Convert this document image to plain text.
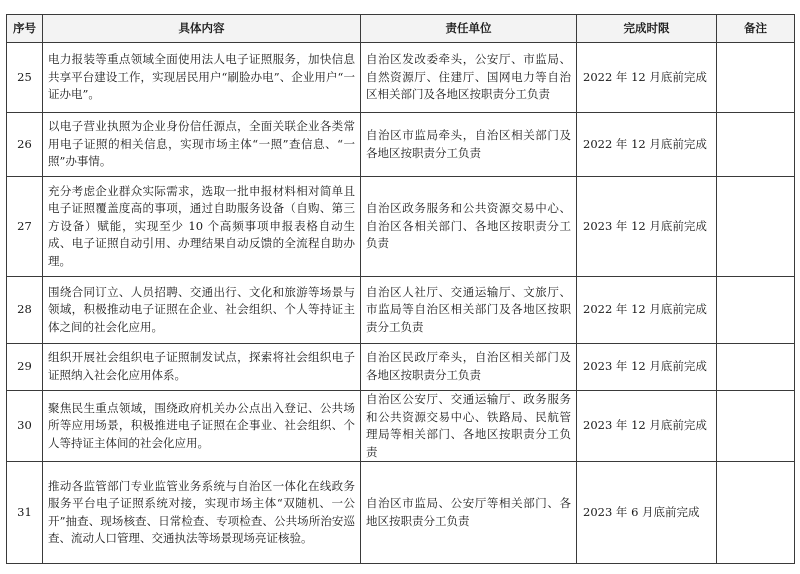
序号	具体内容	责任单位	完成时限	备注
25	电力报装等重点领域全面使用法人电子证照服务，加快信息共享平台建设工作，实现居民用户“刷脸办电”、企业用户“一证办电”。	自治区发改委牵头，公安厅、市监局、自然资源厅、住建厅、国网电力等自治区相关部门及各地区按职责分工负责	2022 年 12 月底前完成	
26	以电子营业执照为企业身份信任源点，全面关联企业各类常用电子证照的相关信息，实现市场主体“一照”查信息、“一照”办事情。	自治区市监局牵头，自治区相关部门及各地区按职责分工负责	2022 年 12 月底前完成	
27	充分考虑企业群众实际需求，选取一批申报材料相对简单且电子证照覆盖度高的事项，通过自助服务设备（自购、第三方设备）赋能，实现至少 10 个高频事项申报表格自动生成、电子证照自动引用、办理结果自动反馈的全流程自助办理。	自治区政务服务和公共资源交易中心、自治区各相关部门、各地区按职责分工负责	2023 年 12 月底前完成	
28	围绕合同订立、人员招聘、交通出行、文化和旅游等场景与领域，积极推动电子证照在企业、社会组织、个人等持证主体之间的社会化应用。	自治区人社厅、交通运输厅、文旅厅、市监局等自治区相关部门及各地区按职责分工负责	2022 年 12 月底前完成	
29	组织开展社会组织电子证照制发试点，探索将社会组织电子证照纳入社会化应用体系。	自治区民政厅牵头，自治区相关部门及各地区按职责分工负责	2023 年 12 月底前完成	
30	聚焦民生重点领域，围绕政府机关办公点出入登记、公共场所等应用场景，积极推进电子证照在企事业、社会组织、个人等持证主体间的社会化应用。	自治区公安厅、交通运输厅、政务服务和公共资源交易中心、铁路局、民航管理局等相关部门、各地区按职责分工负责	2023 年 12 月底前完成	
31	推动各监管部门专业监管业务系统与自治区一体化在线政务服务平台电子证照系统对接，实现市场主体“双随机、一公开”抽查、现场核查、日常检查、专项检查、公共场所治安巡查、流动人口管理、交通执法等场景现场亮证核验。	自治区市监局、公安厅等相关部门、各地区按职责分工负责	2023 年 6 月底前完成	
